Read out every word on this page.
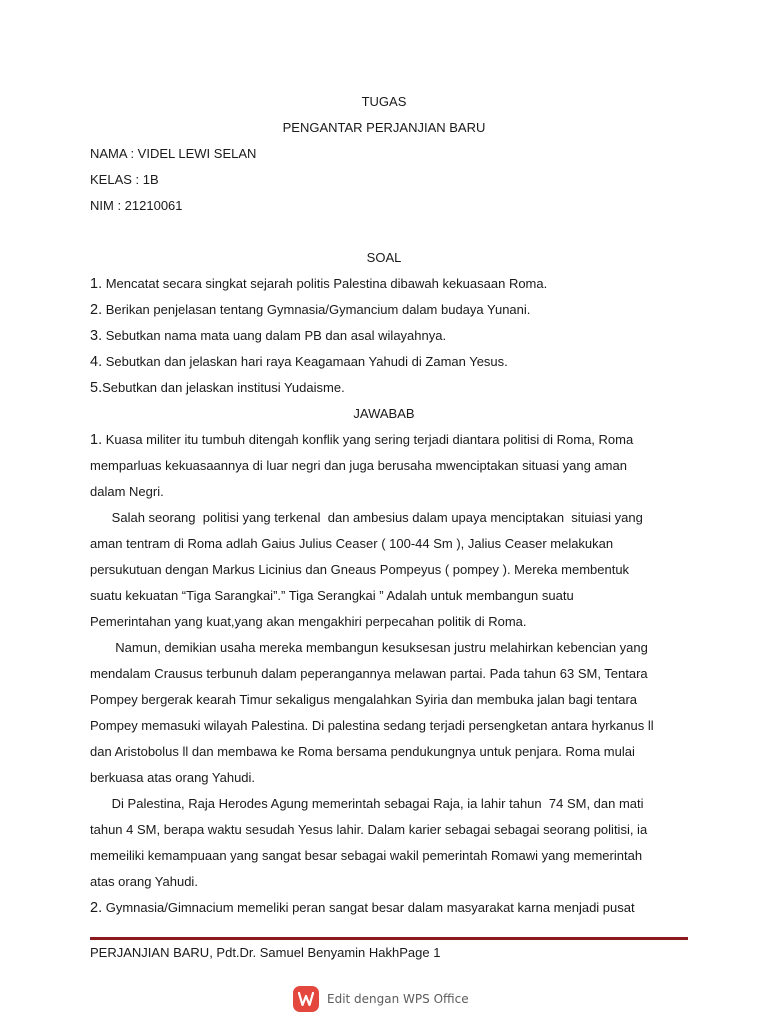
TUGAS
PENGANTAR PERJANJIAN BARU
NAMA : VIDEL LEWI SELAN
KELAS : 1B
NIM : 21210061
SOAL
1. Mencatat secara singkat sejarah politis Palestina dibawah kekuasaan Roma.
2. Berikan penjelasan tentang Gymnasia/Gymancium dalam budaya Yunani.
3. Sebutkan nama mata uang dalam PB dan asal wilayahnya.
4. Sebutkan dan jelaskan hari raya Keagamaan Yahudi di Zaman Yesus.
5.Sebutkan dan jelaskan institusi Yudaisme.
JAWABAB
1. Kuasa militer itu tumbuh ditengah konflik yang sering terjadi diantara politisi di Roma, Roma
memparluas kekuasaannya di luar negri dan juga berusaha mwenciptakan situasi yang aman
dalam Negri.
Salah seorang  politisi yang terkenal  dan ambesius dalam upaya menciptakan  situiasi yang
aman tentram di Roma adlah Gaius Julius Ceaser ( 100-44 Sm ), Jalius Ceaser melakukan
persukutuan dengan Markus Licinius dan Gneaus Pompeyus ( pompey ). Mereka membentuk
suatu kekuatan “Tiga Sarangkai”.” Tiga Serangkai ” Adalah untuk membangun suatu
Pemerintahan yang kuat,yang akan mengakhiri perpecahan politik di Roma.
Namun, demikian usaha mereka membangun kesuksesan justru melahirkan kebencian yang
mendalam Crausus terbunuh dalam peperangannya melawan partai. Pada tahun 63 SM, Tentara
Pompey bergerak kearah Timur sekaligus mengalahkan Syiria dan membuka jalan bagi tentara
Pompey memasuki wilayah Palestina. Di palestina sedang terjadi persengketan antara hyrkanus ll
dan Aristobolus ll dan membawa ke Roma bersama pendukungnya untuk penjara. Roma mulai
berkuasa atas orang Yahudi.
Di Palestina, Raja Herodes Agung memerintah sebagai Raja, ia lahir tahun  74 SM, dan mati
tahun 4 SM, berapa waktu sesudah Yesus lahir. Dalam karier sebagai sebagai seorang politisi, ia
memeiliki kemampuaan yang sangat besar sebagai wakil pemerintah Romawi yang memerintah
atas orang Yahudi.
2. Gymnasia/Gimnacium memeliki peran sangat besar dalam masyarakat karna menjadi pusat
PERJANJIAN BARU, Pdt.Dr. Samuel Benyamin HakhPage 1
Edit dengan WPS Office
